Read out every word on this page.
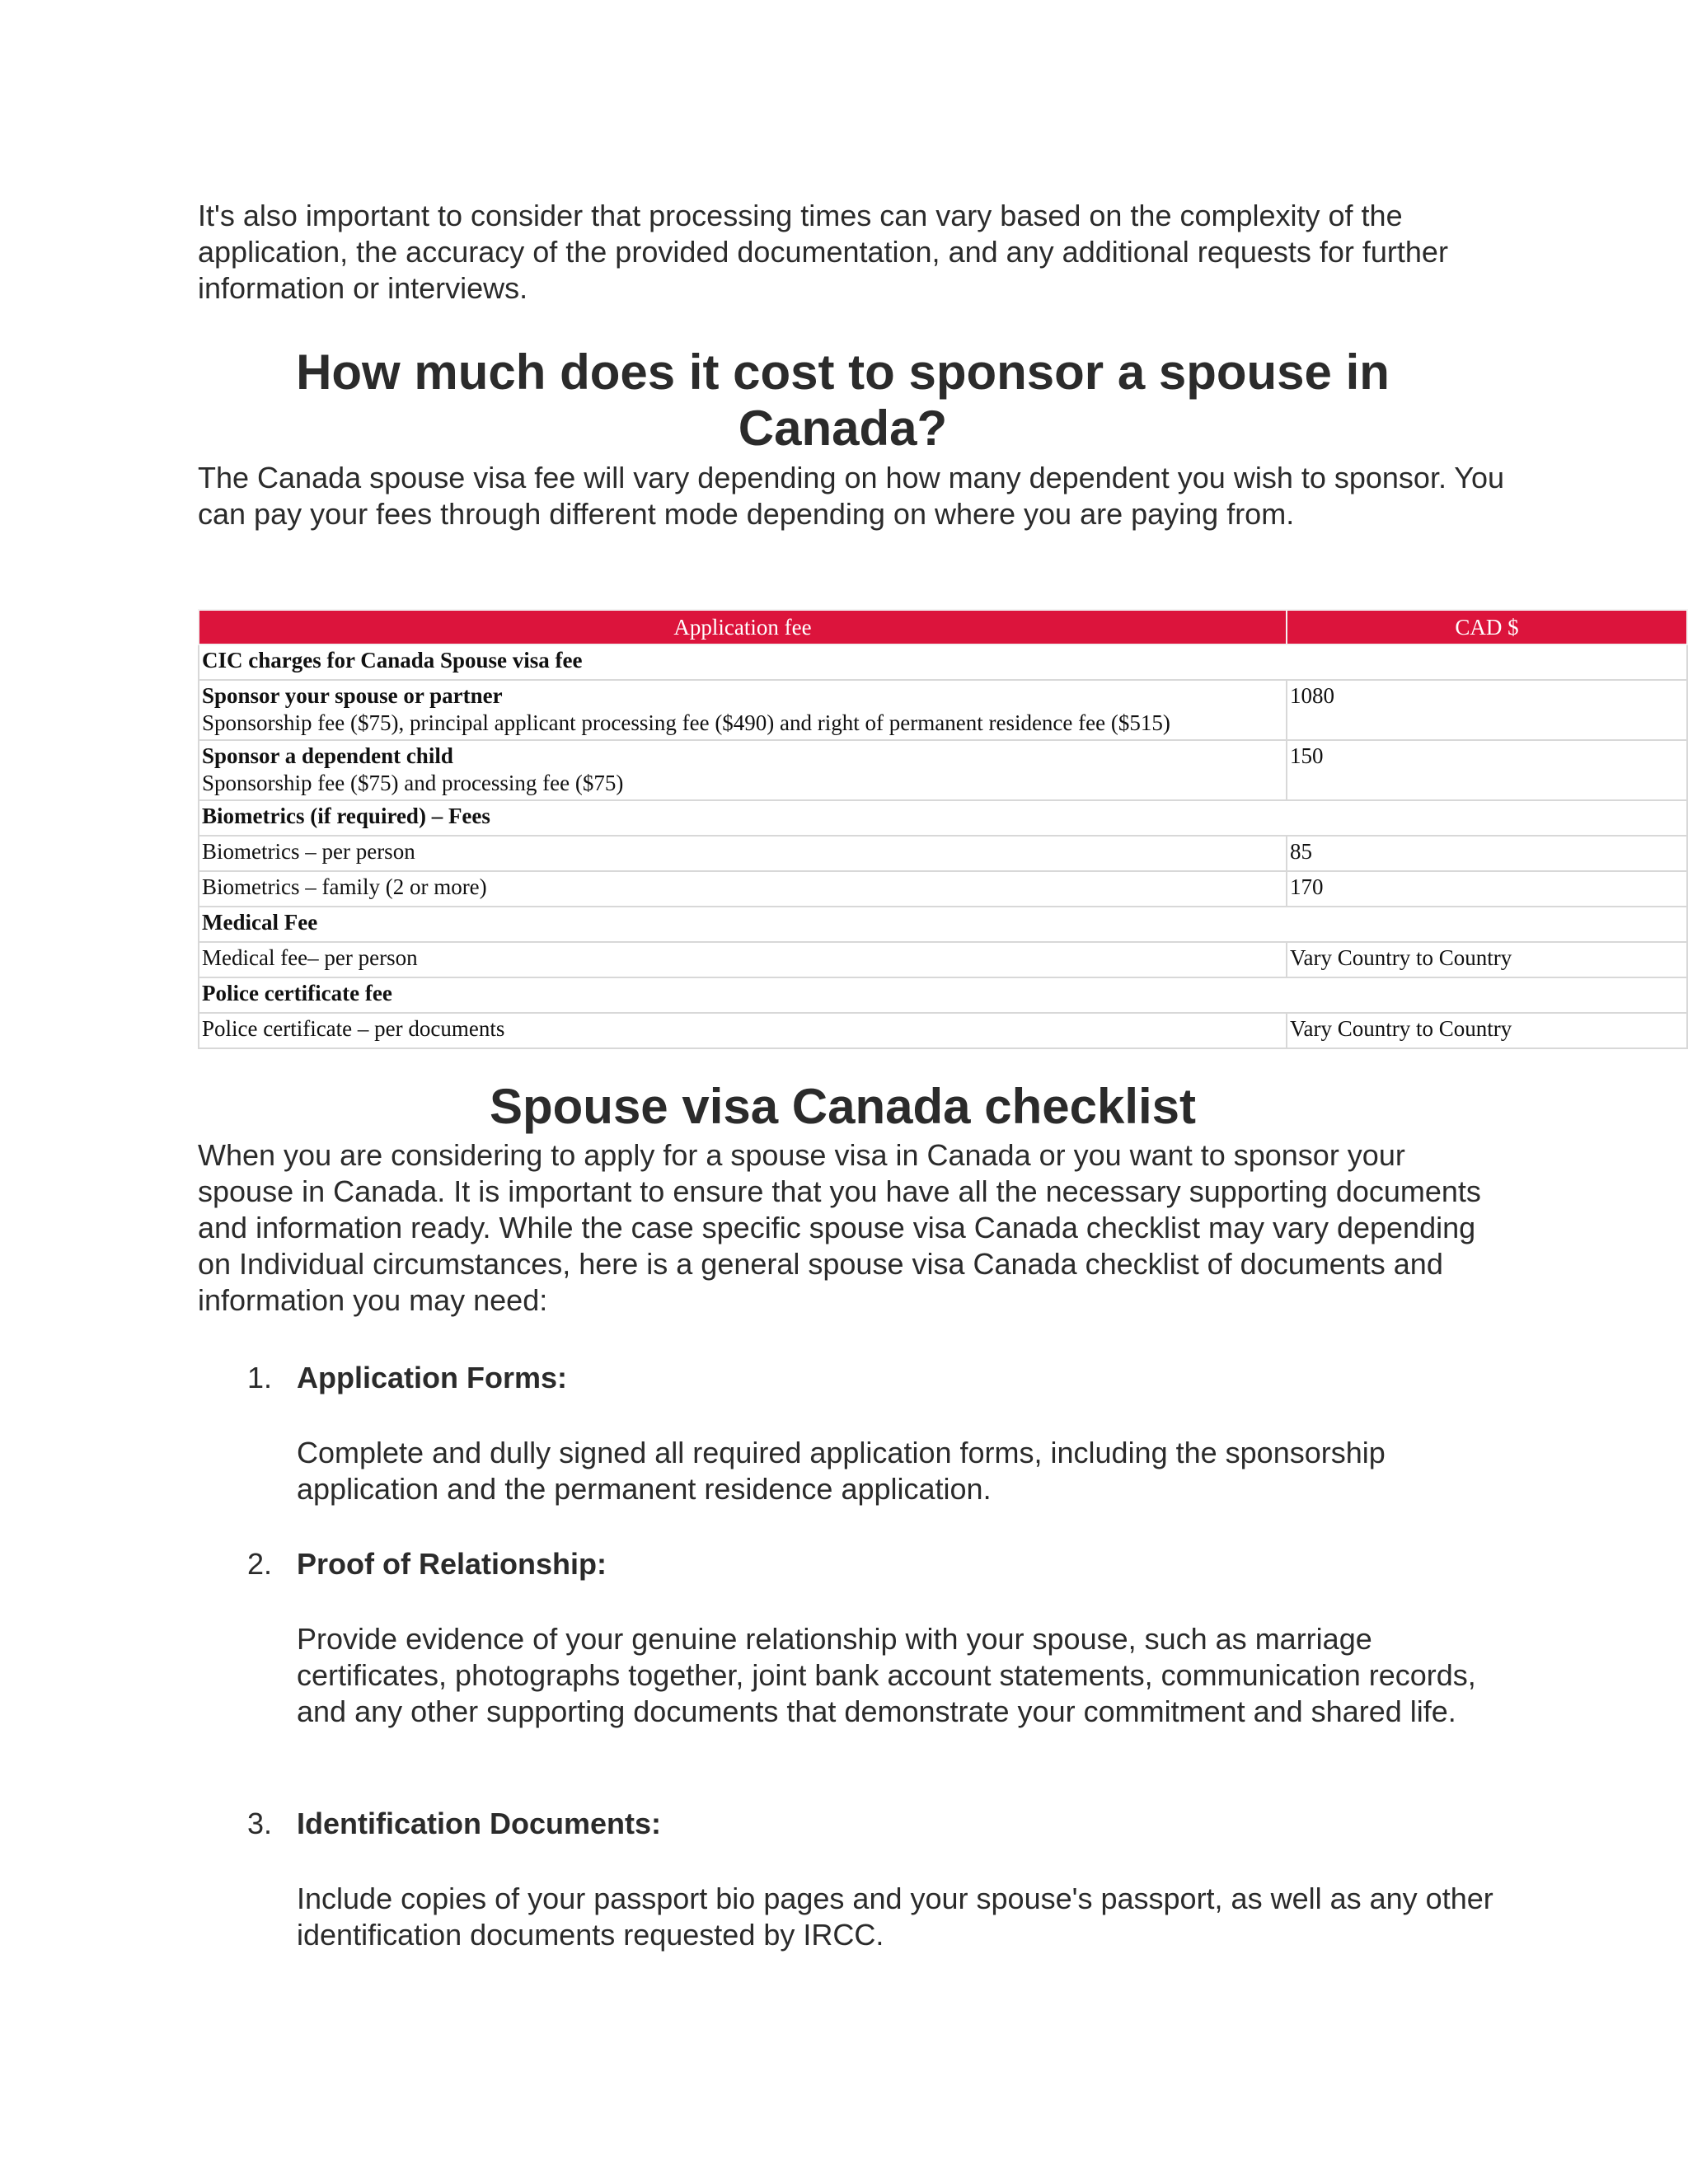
It's also important to consider that processing times can vary based on the complexity of the application, the accuracy of the provided documentation, and any additional requests for further information or interviews.

How much does it cost to sponsor a spouse in Canada?

The Canada spouse visa fee will vary depending on how many dependent you wish to sponsor. You can pay your fees through different mode depending on where you are paying from.

Application fee	CAD $

CIC charges for Canada Spouse visa fee	

Sponsor your spouse or partner
Sponsorship fee ($75), principal applicant processing fee ($490) and right of permanent residence fee ($515)	1080

Sponsor a dependent child
Sponsorship fee ($75) and processing fee ($75)	150

Biometrics (if required) – Fees	

Biometrics – per person	85
Biometrics – family (2 or more)	170

Medical Fee	

Medical fee– per person	Vary Country to Country

Police certificate fee	

Police certificate – per documents	Vary Country to Country
Spouse visa Canada checklist

When you are considering to apply for a spouse visa in Canada or you want to sponsor your spouse in Canada. It is important to ensure that you have all the necessary supporting documents and information ready. While the case specific spouse visa Canada checklist may vary depending on Individual circumstances, here is a general spouse visa Canada checklist of documents and information you may need:

1. Application Forms:
Complete and dully signed all required application forms, including the sponsorship application and the permanent residence application.
2. Proof of Relationship:
Provide evidence of your genuine relationship with your spouse, such as marriage certificates, photographs together, joint bank account statements, communication records, and any other supporting documents that demonstrate your commitment and shared life.
3. Identification Documents:
Include copies of your passport bio pages and your spouse's passport, as well as any other identification documents requested by IRCC.
